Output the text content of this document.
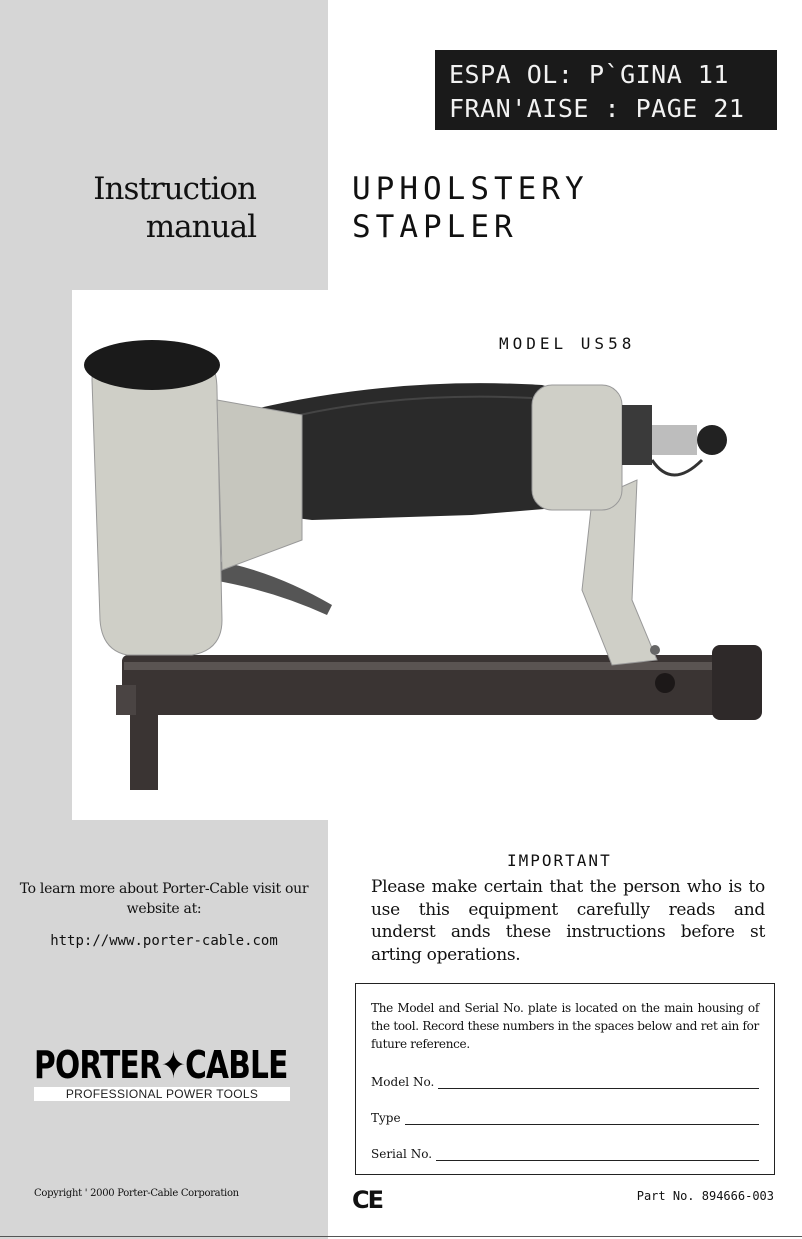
ESPA OL: P`GINA 11
FRAN'AISE : PAGE 21
Instruction
manual
UPHOLSTERY
STAPLER
MODEL US58
IMPORTANT
Please make certain that the person who is to use this equipment carefully reads and underst ands these instructions before st arting operations.
To learn more about Porter-Cable visit our website at:
http://www.porter-cable.com
PORTER✦CABLE
PROFESSIONAL POWER TOOLS
Copyright ' 2000 Porter-Cable Corporation
The Model and Serial No. plate is located on the main housing of the tool. Record these numbers in the spaces below and ret ain for future reference.
Model No.
Type
Serial No.
CE	Part No. 894666-003
